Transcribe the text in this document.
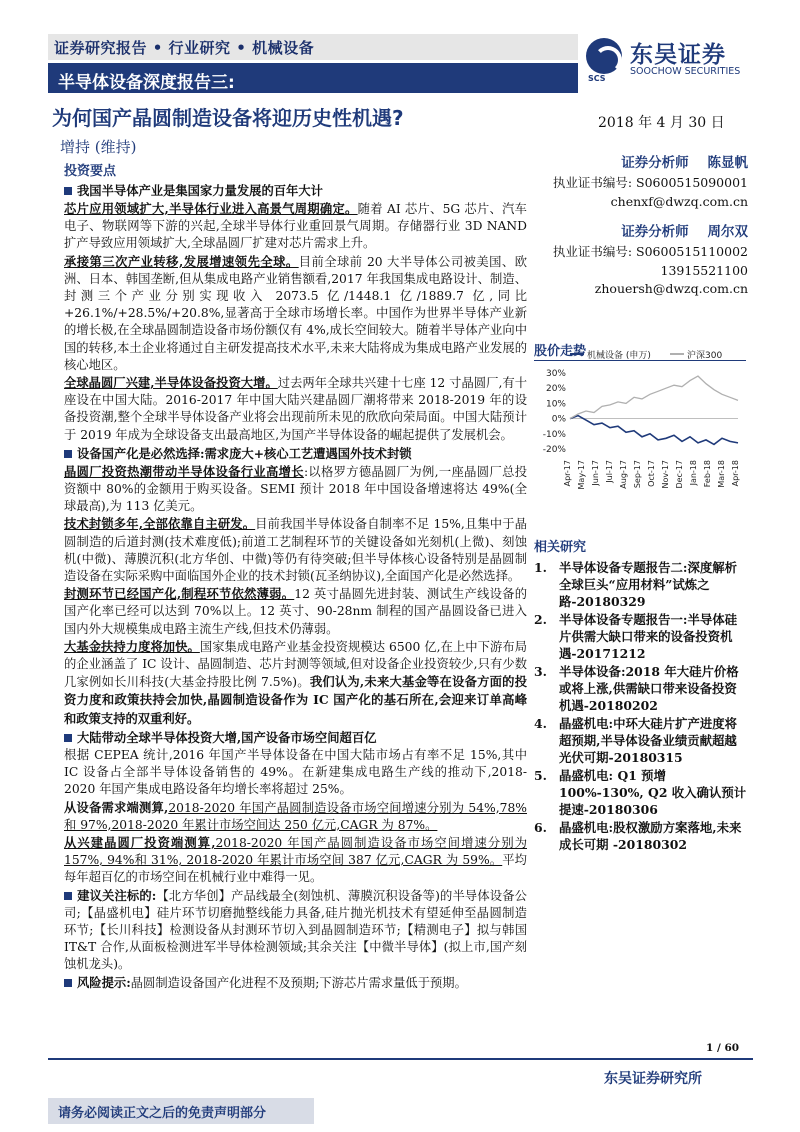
证券研究报告 • 行业研究 • 机械设备
半导体设备深度报告三:	SCS
东吴证券
SOOCHOW SECURITIES
为何国产晶圆制造设备将迎历史性机遇?	2018 年 4 月 30 日
增持 (维持)
投资要点
我国半导体产业是集国家力量发展的百年大计

芯片应用领域扩大,半导体行业进入高景气周期确定。随着 AI 芯片、5G 芯片、汽车电子、物联网等下游的兴起,全球半导体行业重回景气周期。存储器行业 3D NAND 扩产导致应用领域扩大,全球晶圆厂扩建对芯片需求上升。

承接第三次产业转移,发展增速领先全球。目前全球前 20 大半导体公司被美国、欧洲、日本、韩国垄断,但从集成电路产业销售额看,2017 年我国集成电路设计、制造、封测三个产业分别实现收入 2073.5 亿/1448.1 亿/1889.7 亿,同比+26.1%/+28.5%/+20.8%,显著高于全球市场增长率。中国作为世界半导体产业新的增长极,在全球晶圆制造设备市场份额仅有 4%,成长空间较大。随着半导体产业向中国的转移,本土企业将通过自主研发提高技术水平,未来大陆将成为集成电路产业发展的核心地区。

全球晶圆厂兴建,半导体设备投资大增。过去两年全球共兴建十七座 12 寸晶圆厂,有十座设在中国大陆。2016-2017 年中国大陆兴建晶圆厂潮将带来 2018-2019 年的设备投资潮,整个全球半导体设备产业将会出现前所未见的欣欣向荣局面。中国大陆预计于 2019 年成为全球设备支出最高地区,为国产半导体设备的崛起提供了发展机会。

设备国产化是必然选择:需求庞大+核心工艺遭遇国外技术封锁

晶圆厂投资热潮带动半导体设备行业高增长:以格罗方德晶圆厂为例,一座晶圆厂总投资额中 80%的金额用于购买设备。SEMI 预计 2018 年中国设备增速将达 49%(全球最高),为 113 亿美元。

技术封锁多年,全部依靠自主研发。目前我国半导体设备自制率不足 15%,且集中于晶圆制造的后道封测(技术难度低);前道工艺制程环节的关键设备如光刻机(上微)、刻蚀机(中微)、薄膜沉积(北方华创、中微)等仍有待突破;但半导体核心设备特别是晶圆制造设备在实际采购中面临国外企业的技术封锁(瓦圣纳协议),全面国产化是必然选择。

封测环节已经国产化,制程环节依然薄弱。12 英寸晶圆先进封装、测试生产线设备的国产化率已经可以达到 70%以上。12 英寸、90-28nm 制程的国产晶圆设备已进入国内外大规模集成电路主流生产线,但技术仍薄弱。

大基金扶持力度将加快。国家集成电路产业基金投资规模达 6500 亿,在上中下游布局的企业涵盖了 IC 设计、晶圆制造、芯片封测等领域,但对设备企业投资较少,只有少数几家例如长川科技(大基金持股比例 7.5%)。我们认为,未来大基金等在设备方面的投资力度和政策扶持会加快,晶圆制造设备作为 IC 国产化的基石所在,会迎来订单高峰和政策支持的双重利好。

大陆带动全球半导体投资大增,国产设备市场空间超百亿

根据 CEPEA 统计,2016 年国产半导体设备在中国大陆市场占有率不足 15%,其中 IC 设备占全部半导体设备销售的 49%。在新建集成电路生产线的推动下,2018-2020 年国产集成电路设备年均增长率将超过 25%。

从设备需求端测算,2018-2020 年国产晶圆制造设备市场空间增速分别为 54%,78%和 97%,2018-2020 年累计市场空间达 250 亿元,CAGR 为 87%。

从兴建晶圆厂投资端测算,2018-2020 年国产晶圆制造设备市场空间增速分别为 157%, 94%和 31%, 2018-2020 年累计市场空间 387 亿元,CAGR 为 59%。平均每年超百亿的市场空间在机械行业中难得一见。

建议关注标的:【北方华创】产品线最全(刻蚀机、薄膜沉积设备等)的半导体设备公司;【晶盛机电】硅片环节切磨抛整线能力具备,硅片抛光机技术有望延伸至晶圆制造环节;【长川科技】检测设备从封测环节切入到晶圆制造环节;【精测电子】拟与韩国 IT&T 合作,从面板检测进军半导体检测领域;其余关注【中微半导体】(拟上市,国产刻蚀机龙头)。

风险提示:晶圆制造设备国产化进程不及预期;下游芯片需求量低于预期。

证券分析师 陈显帆
执业证书编号: S0600515090001
chenxf@dwzq.com.cn
证券分析师 周尔双
执业证书编号: S0600515110002
13915521100
zhouersh@dwzq.com.cn
股价走势 机械设备 (申万)	沪深300
30%
20%
10%
0%
-10%
-20%
Apr-17 May-17 Jun-17 Jul-17 Aug-17 Sep-17 Oct-17 Nov-17 Dec-17 Jan-18 Feb-18 Mar-18 Apr-18
相关研究
1. 半导体设备专题报告二:深度解析全球巨头“应用材料”试炼之路-20180329
2. 半导体设备专题报告一:半导体硅片供需大缺口带来的设备投资机遇-20171212
3. 半导体设备:2018 年大硅片价格或将上涨,供需缺口带来设备投资机遇-20180202
4. 晶盛机电:中环大硅片扩产进度将超预期,半导体设备业绩贡献超越光伏可期-20180315
5. 晶盛机电: Q1 预增 100%-130%, Q2 收入确认预计提速-20180306
6. 晶盛机电:股权激励方案落地,未来成长可期 -20180302
1 / 60
东吴证券研究所
请务必阅读正文之后的免责声明部分
